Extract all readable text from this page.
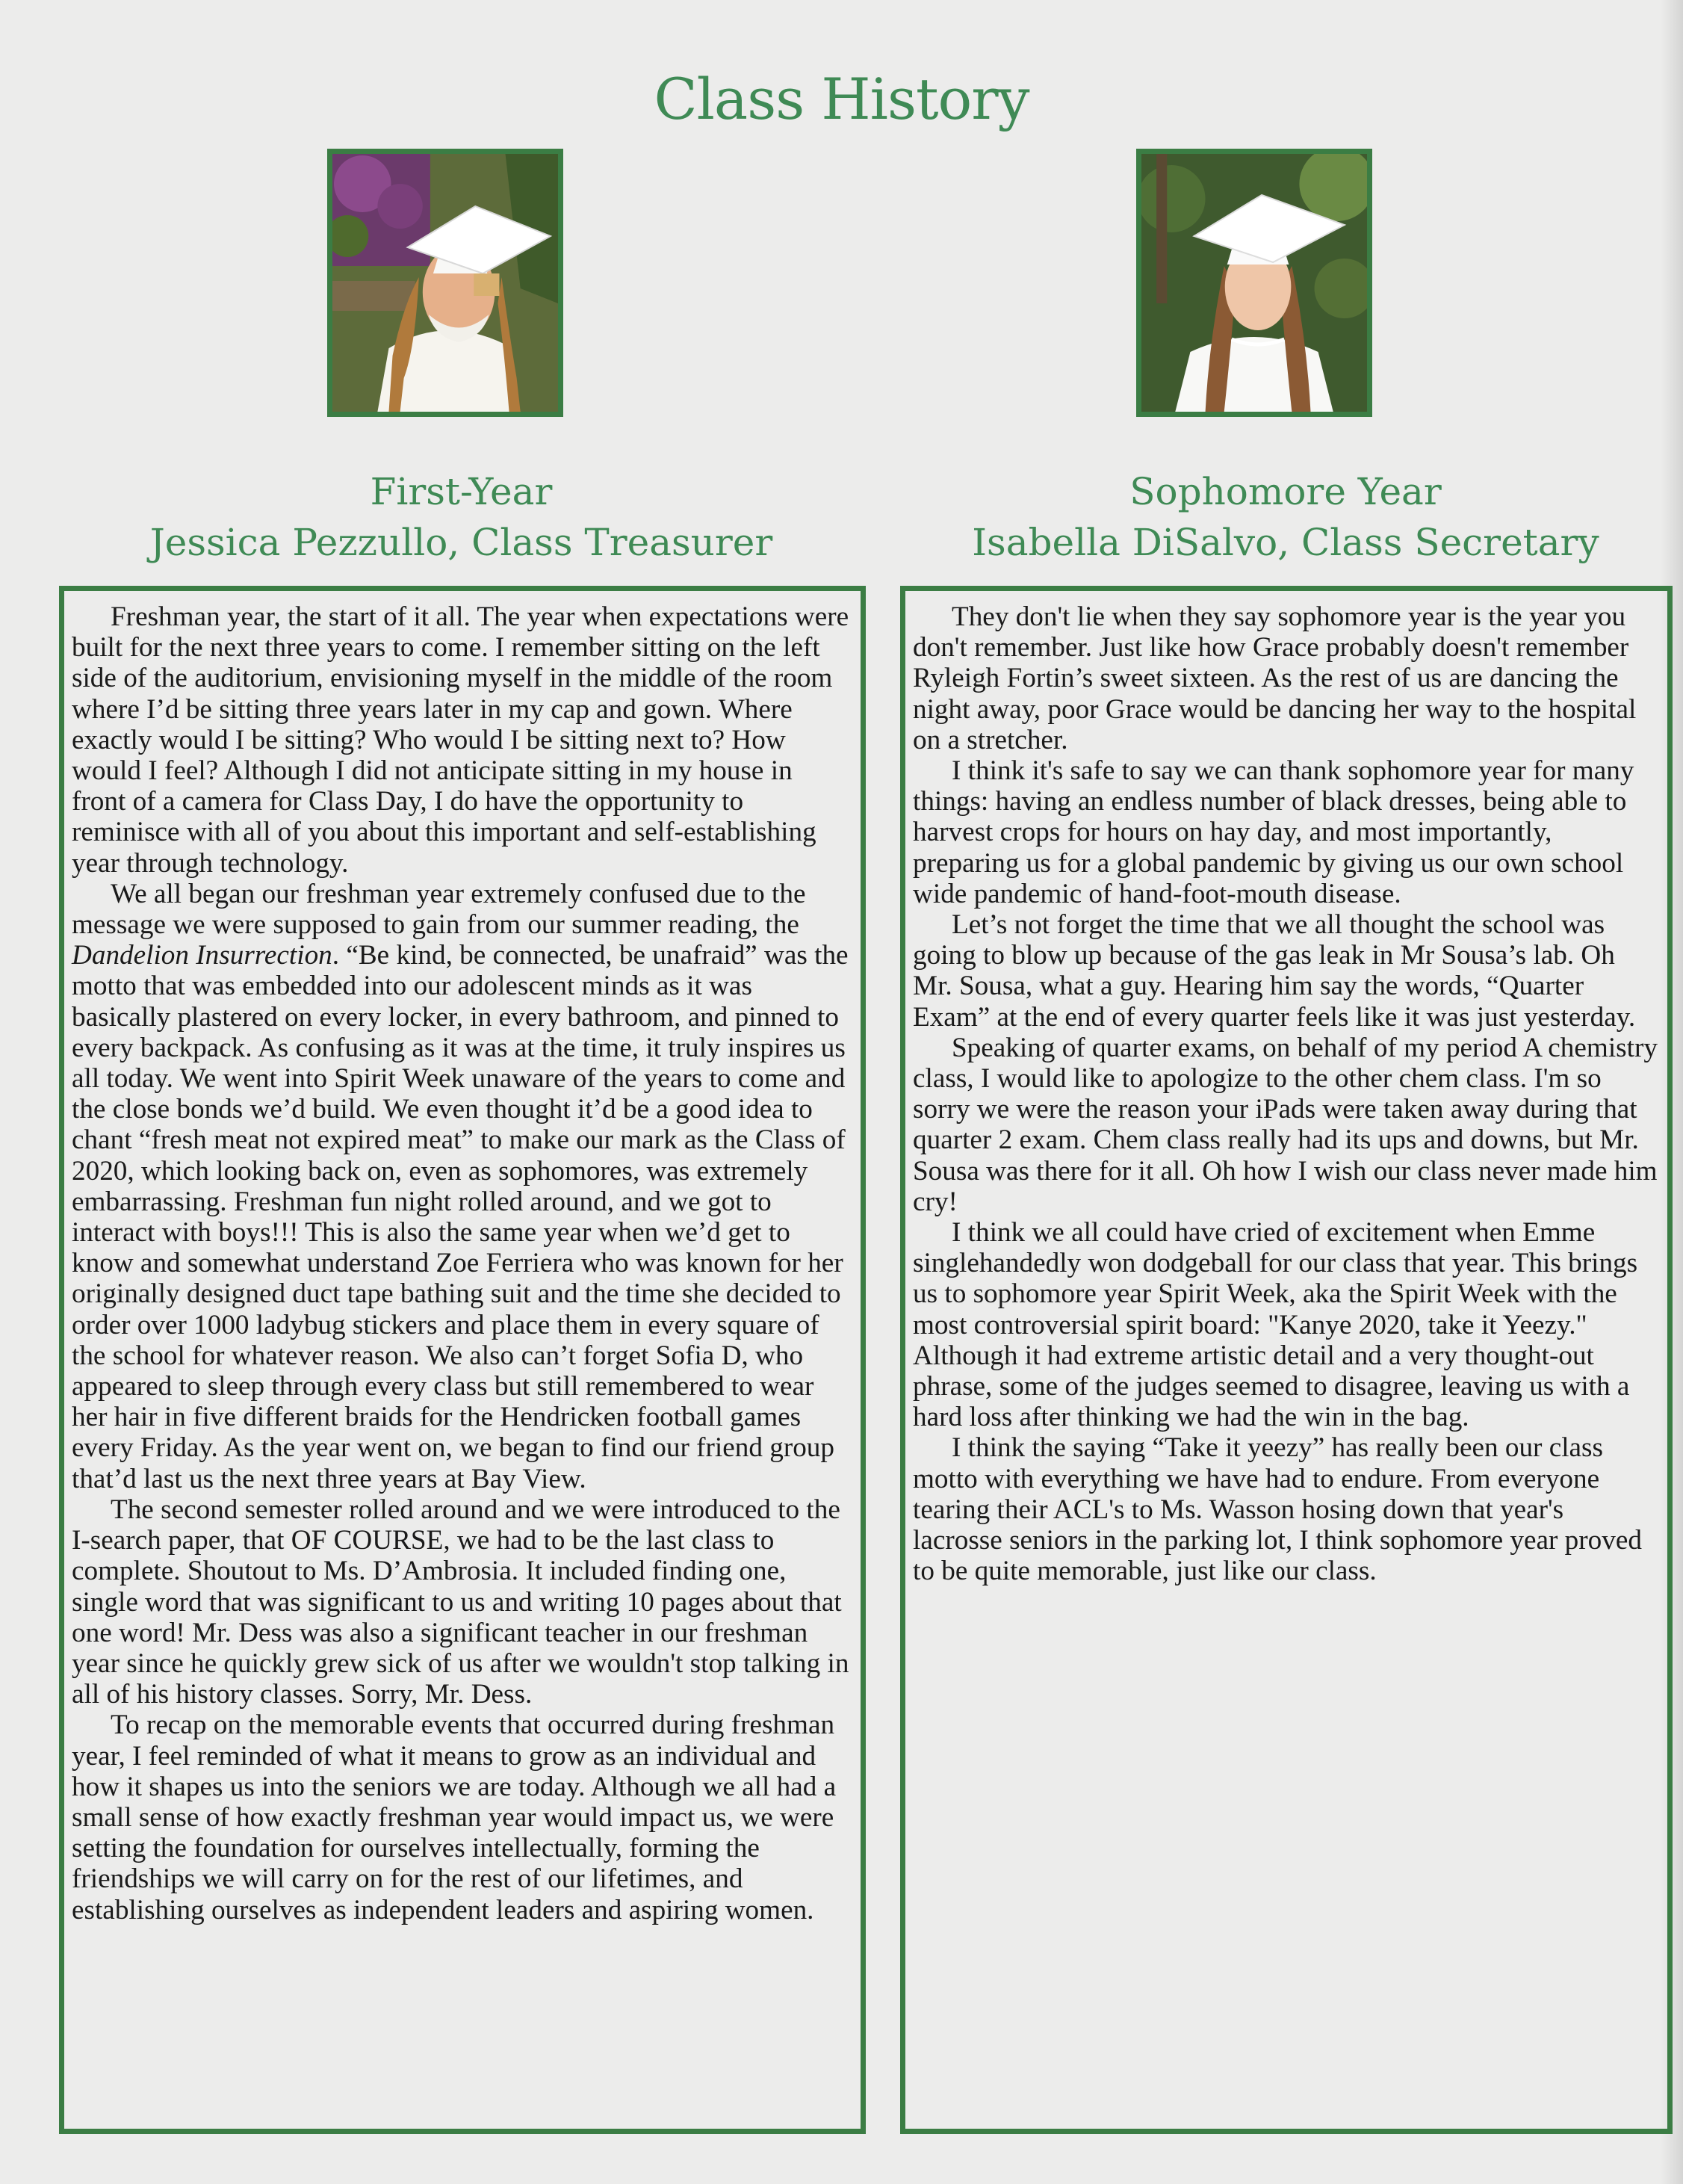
Class History
First-Year
Jessica Pezzullo, Class Treasurer
Sophomore Year
Isabella DiSalvo, Class Secretary

Freshman year, the start of it all. The year when expectations were built for the next three years to come. I remember sitting on the left side of the auditorium, envisioning myself in the middle of the room where I’d be sitting three years later in my cap and gown. Where exactly would I be sitting? Who would I be sitting next to? How would I feel? Although I did not anticipate sitting in my house in front of a camera for Class Day, I do have the opportunity to reminisce with all of you about this important and self-establishing year through technology.

We all began our freshman year extremely confused due to the message we were supposed to gain from our summer reading, the Dandelion Insurrection. “Be kind, be connected, be unafraid” was the motto that was embedded into our adolescent minds as it was basically plastered on every locker, in every bathroom, and pinned to every backpack. As confusing as it was at the time, it truly inspires us all today. We went into Spirit Week unaware of the years to come and the close bonds we’d build. We even thought it’d be a good idea to chant “fresh meat not expired meat” to make our mark as the Class of 2020, which looking back on, even as sophomores, was extremely embarrassing. Freshman fun night rolled around, and we got to interact with boys!!! This is also the same year when we’d get to know and somewhat understand Zoe Ferriera who was known for her originally designed duct tape bathing suit and the time she decided to order over 1000 ladybug stickers and place them in every square of the school for whatever reason. We also can’t forget Sofia D, who appeared to sleep through every class but still remembered to wear her hair in five different braids for the Hendricken football games every Friday. As the year went on, we began to find our friend group that’d last us the next three years at Bay View.

The second semester rolled around and we were introduced to the I-search paper, that OF COURSE, we had to be the last class to complete. Shoutout to Ms. D’Ambrosia. It included finding one, single word that was significant to us and writing 10 pages about that one word! Mr. Dess was also a significant teacher in our freshman year since he quickly grew sick of us after we wouldn't stop talking in all of his history classes. Sorry, Mr. Dess.

To recap on the memorable events that occurred during freshman year, I feel reminded of what it means to grow as an individual and how it shapes us into the seniors we are today. Although we all had a small sense of how exactly freshman year would impact us, we were setting the foundation for ourselves intellectually, forming the friendships we will carry on for the rest of our lifetimes, and establishing ourselves as independent leaders and aspiring women.

They don't lie when they say sophomore year is the year you don't remember. Just like how Grace probably doesn't remember Ryleigh Fortin’s sweet sixteen. As the rest of us are dancing the night away, poor Grace would be dancing her way to the hospital on a stretcher.

I think it's safe to say we can thank sophomore year for many things: having an endless number of black dresses, being able to harvest crops for hours on hay day, and most importantly, preparing us for a global pandemic by giving us our own school wide pandemic of hand-foot-mouth disease.

Let’s not forget the time that we all thought the school was going to blow up because of the gas leak in Mr Sousa’s lab. Oh Mr. Sousa, what a guy. Hearing him say the words, “Quarter Exam” at the end of every quarter feels like it was just yesterday.

Speaking of quarter exams, on behalf of my period A chemistry class, I would like to apologize to the other chem class. I'm so sorry we were the reason your iPads were taken away during that quarter 2 exam. Chem class really had its ups and downs, but Mr. Sousa was there for it all. Oh how I wish our class never made him cry!

I think we all could have cried of excitement when Emme singlehandedly won dodgeball for our class that year. This brings us to sophomore year Spirit Week, aka the Spirit Week with the most controversial spirit board: "Kanye 2020, take it Yeezy." Although it had extreme artistic detail and a very thought-out phrase, some of the judges seemed to disagree, leaving us with a hard loss after thinking we had the win in the bag.

I think the saying “Take it yeezy” has really been our class motto with everything we have had to endure. From everyone tearing their ACL's to Ms. Wasson hosing down that year's lacrosse seniors in the parking lot, I think sophomore year proved to be quite memorable, just like our class.
